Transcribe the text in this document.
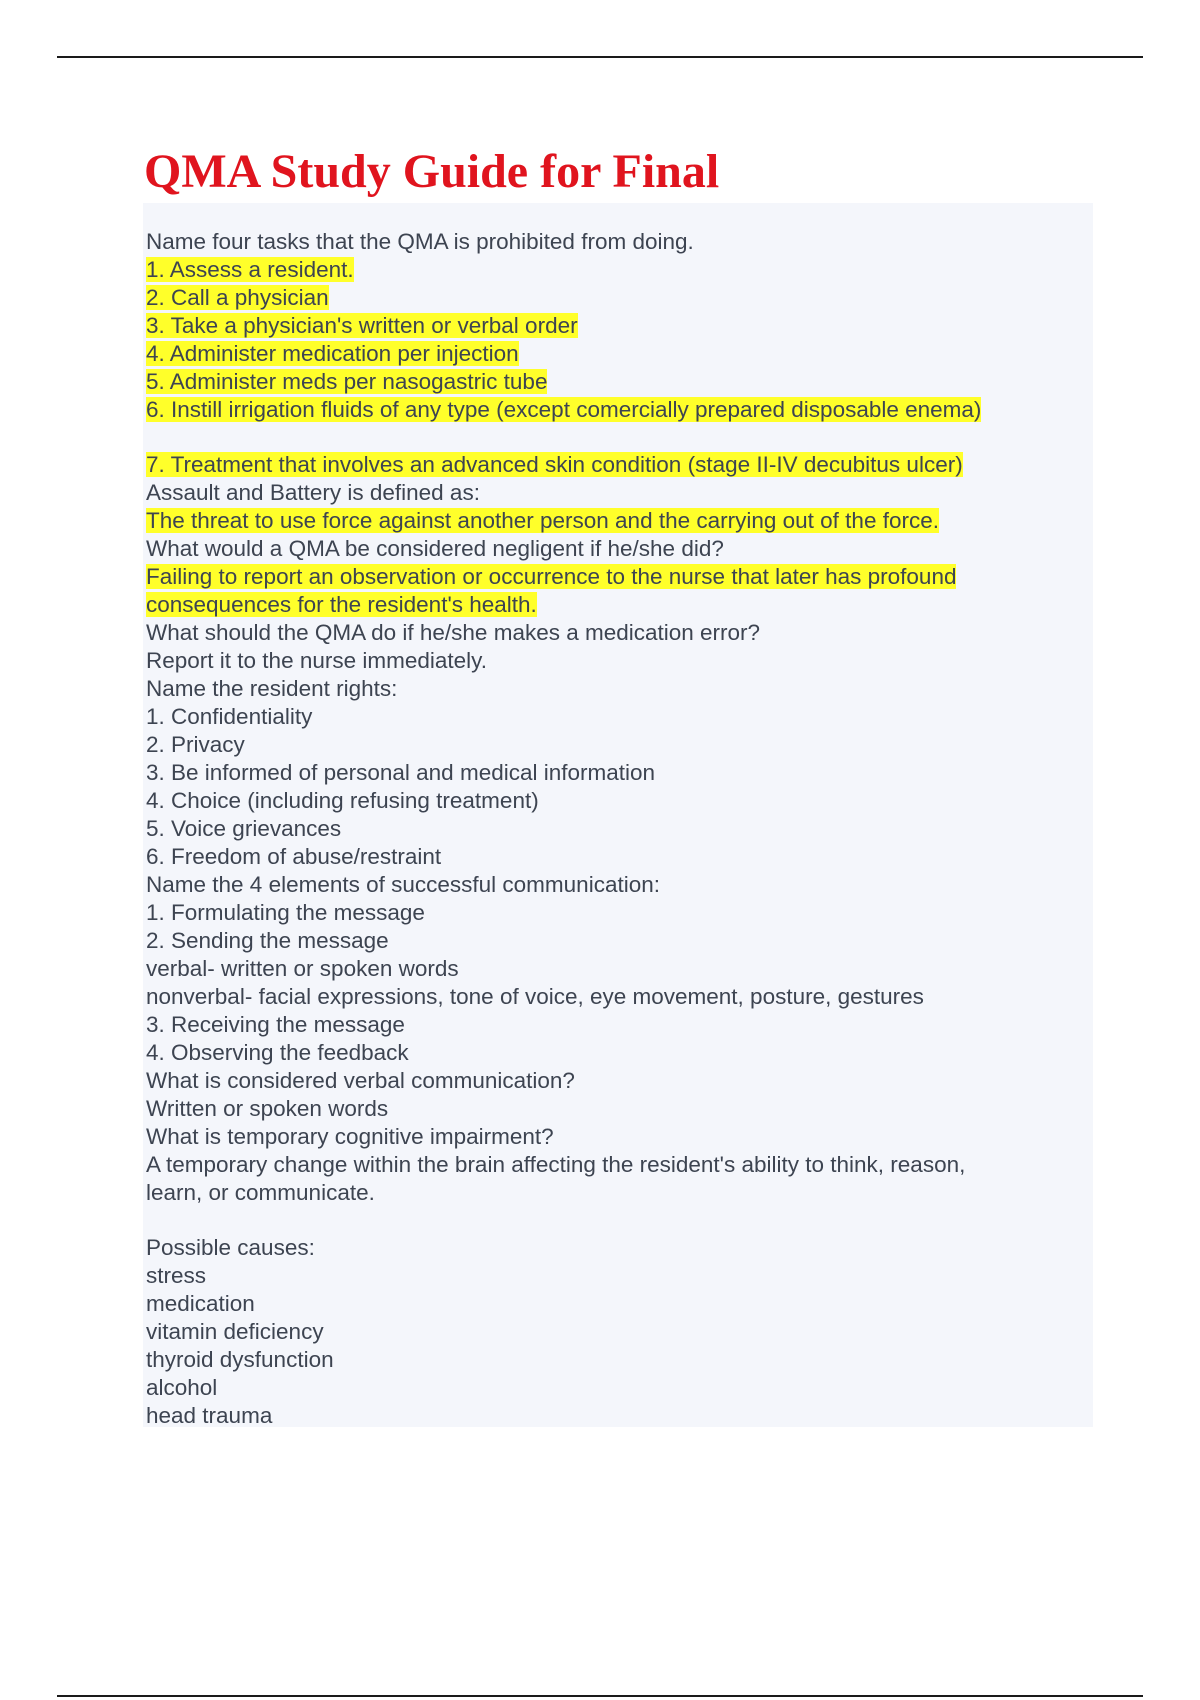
QMA Study Guide for Final
Name four tasks that the QMA is prohibited from doing.
1. Assess a resident.
2. Call a physician
3. Take a physician's written or verbal order
4. Administer medication per injection
5. Administer meds per nasogastric tube
6. Instill irrigation fluids of any type (except comercially prepared disposable enema)
7. Treatment that involves an advanced skin condition (stage II-IV decubitus ulcer)
Assault and Battery is defined as:
The threat to use force against another person and the carrying out of the force.
What would a QMA be considered negligent if he/she did?
Failing to report an observation or occurrence to the nurse that later has profound
consequences for the resident's health.
What should the QMA do if he/she makes a medication error?
Report it to the nurse immediately.
Name the resident rights:
1. Confidentiality
2. Privacy
3. Be informed of personal and medical information
4. Choice (including refusing treatment)
5. Voice grievances
6. Freedom of abuse/restraint
Name the 4 elements of successful communication:
1. Formulating the message
2. Sending the message
verbal- written or spoken words
nonverbal- facial expressions, tone of voice, eye movement, posture, gestures
3. Receiving the message
4. Observing the feedback
What is considered verbal communication?
Written or spoken words
What is temporary cognitive impairment?
A temporary change within the brain affecting the resident's ability to think, reason,
learn, or communicate.
Possible causes:
stress
medication
vitamin deficiency
thyroid dysfunction
alcohol
head trauma
